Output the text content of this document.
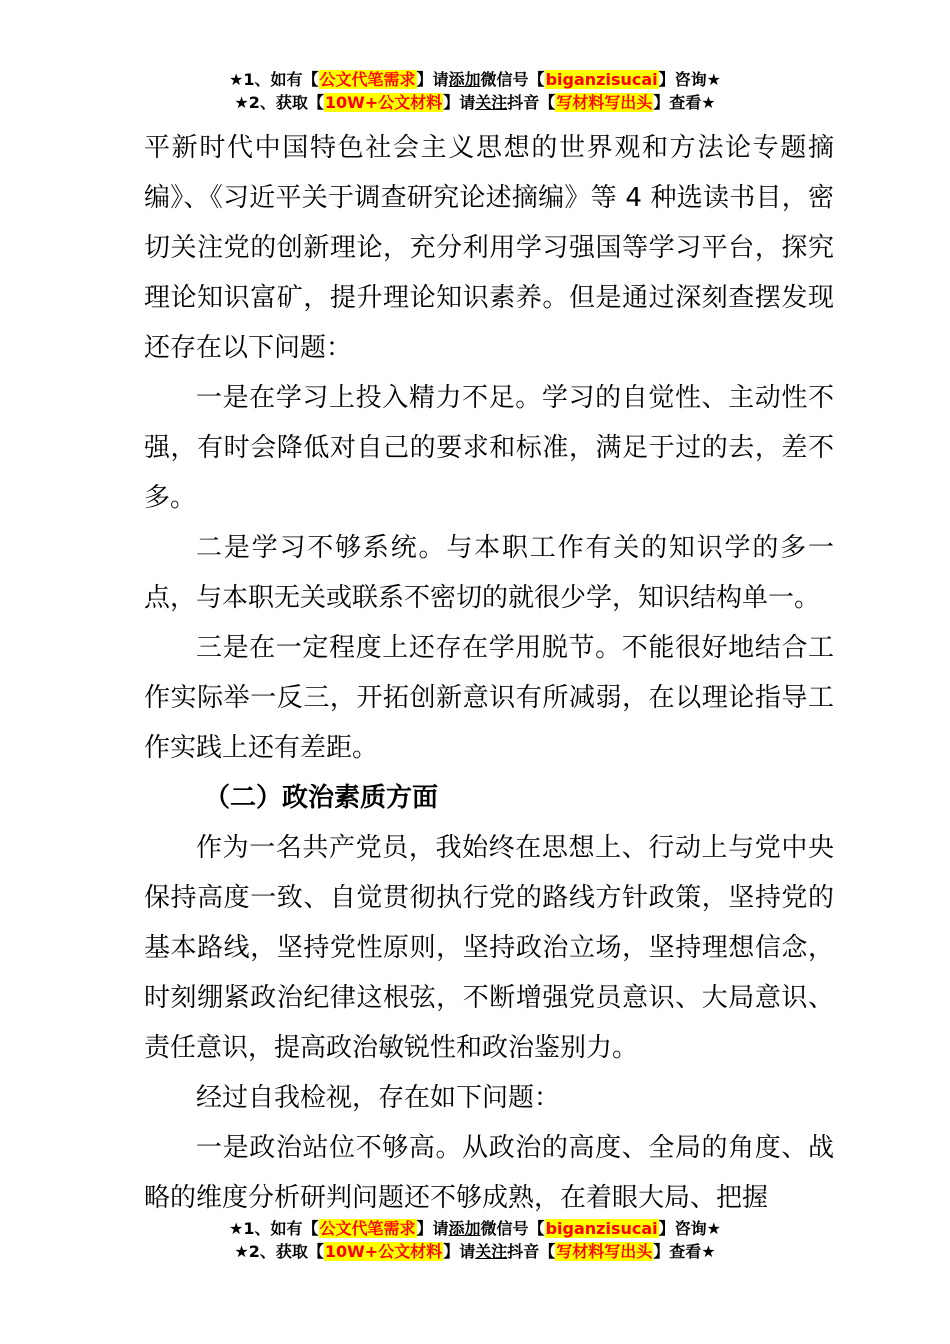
★1、如有【公文代笔需求】请添加微信号【biganzisucai】咨询★
★2、获取【10W+公文材料】请关注抖音【写材料写出头】查看★

平新时代中国特色社会主义思想的世界观和方法论专题摘编》、《习近平关于调查研究论述摘编》等 4 种选读书目，密切关注党的创新理论，充分利用学习强国等学习平台，探究理论知识富矿，提升理论知识素养。但是通过深刻查摆发现还存在以下问题：

一是在学习上投入精力不足。学习的自觉性、主动性不强，有时会降低对自己的要求和标准，满足于过的去，差不多。

二是学习不够系统。与本职工作有关的知识学的多一点，与本职无关或联系不密切的就很少学，知识结构单一。

三是在一定程度上还存在学用脱节。不能很好地结合工作实际举一反三，开拓创新意识有所减弱，在以理论指导工作实践上还有差距。

（二）政治素质方面

作为一名共产党员，我始终在思想上、行动上与党中央保持高度一致、自觉贯彻执行党的路线方针政策，坚持党的基本路线，坚持党性原则，坚持政治立场，坚持理想信念，时刻绷紧政治纪律这根弦，不断增强党员意识、大局意识、责任意识，提高政治敏锐性和政治鉴别力。

经过自我检视，存在如下问题：

一是政治站位不够高。从政治的高度、全局的角度、战略的维度分析研判问题还不够成熟，在着眼大局、把握

★1、如有【公文代笔需求】请添加微信号【biganzisucai】咨询★
★2、获取【10W+公文材料】请关注抖音【写材料写出头】查看★
